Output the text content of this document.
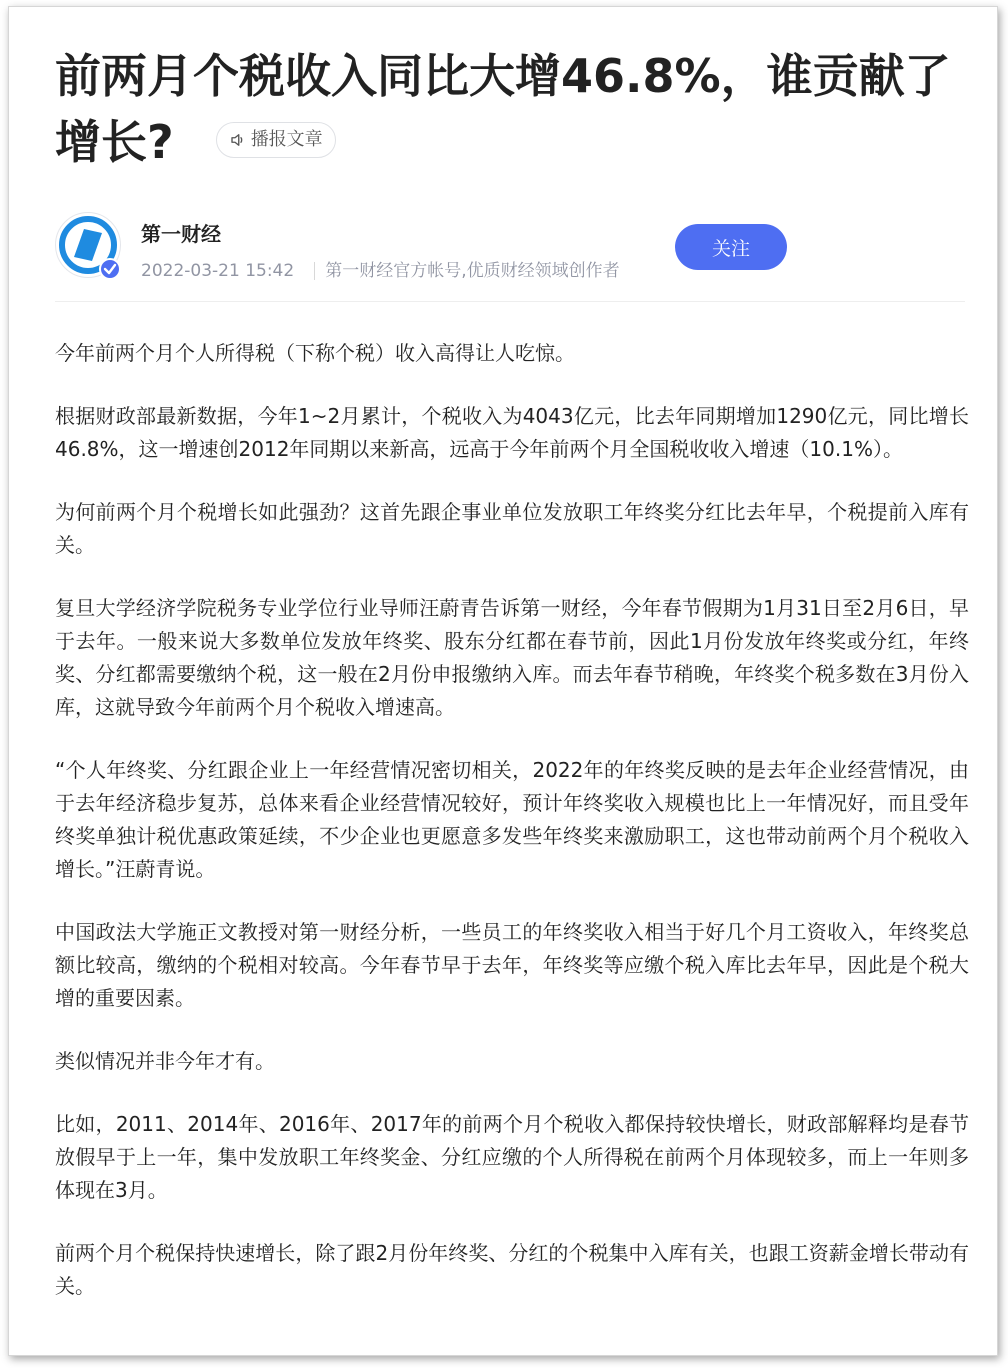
前两月个税收入同比大增46.8%，谁贡献了增长?	播报文章
第一财经
2022-03-21 15:42 第一财经官方帐号,优质财经领域创作者
关注

今年前两个月个人所得税（下称个税）收入高得让人吃惊。

根据财政部最新数据，今年1~2月累计，个税收入为4043亿元，比去年同期增加1290亿元，同比增长46.8%，这一增速创2012年同期以来新高，远高于今年前两个月全国税收收入增速（10.1%）。

为何前两个月个税增长如此强劲？这首先跟企事业单位发放职工年终奖分红比去年早，个税提前入库有关。

复旦大学经济学院税务专业学位行业导师汪蔚青告诉第一财经，今年春节假期为1月31日至2月6日，早于去年。一般来说大多数单位发放年终奖、股东分红都在春节前，因此1月份发放年终奖或分红，年终奖、分红都需要缴纳个税，这一般在2月份申报缴纳入库。而去年春节稍晚，年终奖个税多数在3月份入库，这就导致今年前两个月个税收入增速高。

“个人年终奖、分红跟企业上一年经营情况密切相关，2022年的年终奖反映的是去年企业经营情况，由于去年经济稳步复苏，总体来看企业经营情况较好，预计年终奖收入规模也比上一年情况好，而且受年终奖单独计税优惠政策延续，不少企业也更愿意多发些年终奖来激励职工，这也带动前两个月个税收入增长。”汪蔚青说。

中国政法大学施正文教授对第一财经分析，一些员工的年终奖收入相当于好几个月工资收入，年终奖总额比较高，缴纳的个税相对较高。今年春节早于去年，年终奖等应缴个税入库比去年早，因此是个税大增的重要因素。

类似情况并非今年才有。

比如，2011、2014年、2016年、2017年的前两个月个税收入都保持较快增长，财政部解释均是春节放假早于上一年，集中发放职工年终奖金、分红应缴的个人所得税在前两个月体现较多，而上一年则多体现在3月。

前两个月个税保持快速增长，除了跟2月份年终奖、分红的个税集中入库有关，也跟工资薪金增长带动有关。
